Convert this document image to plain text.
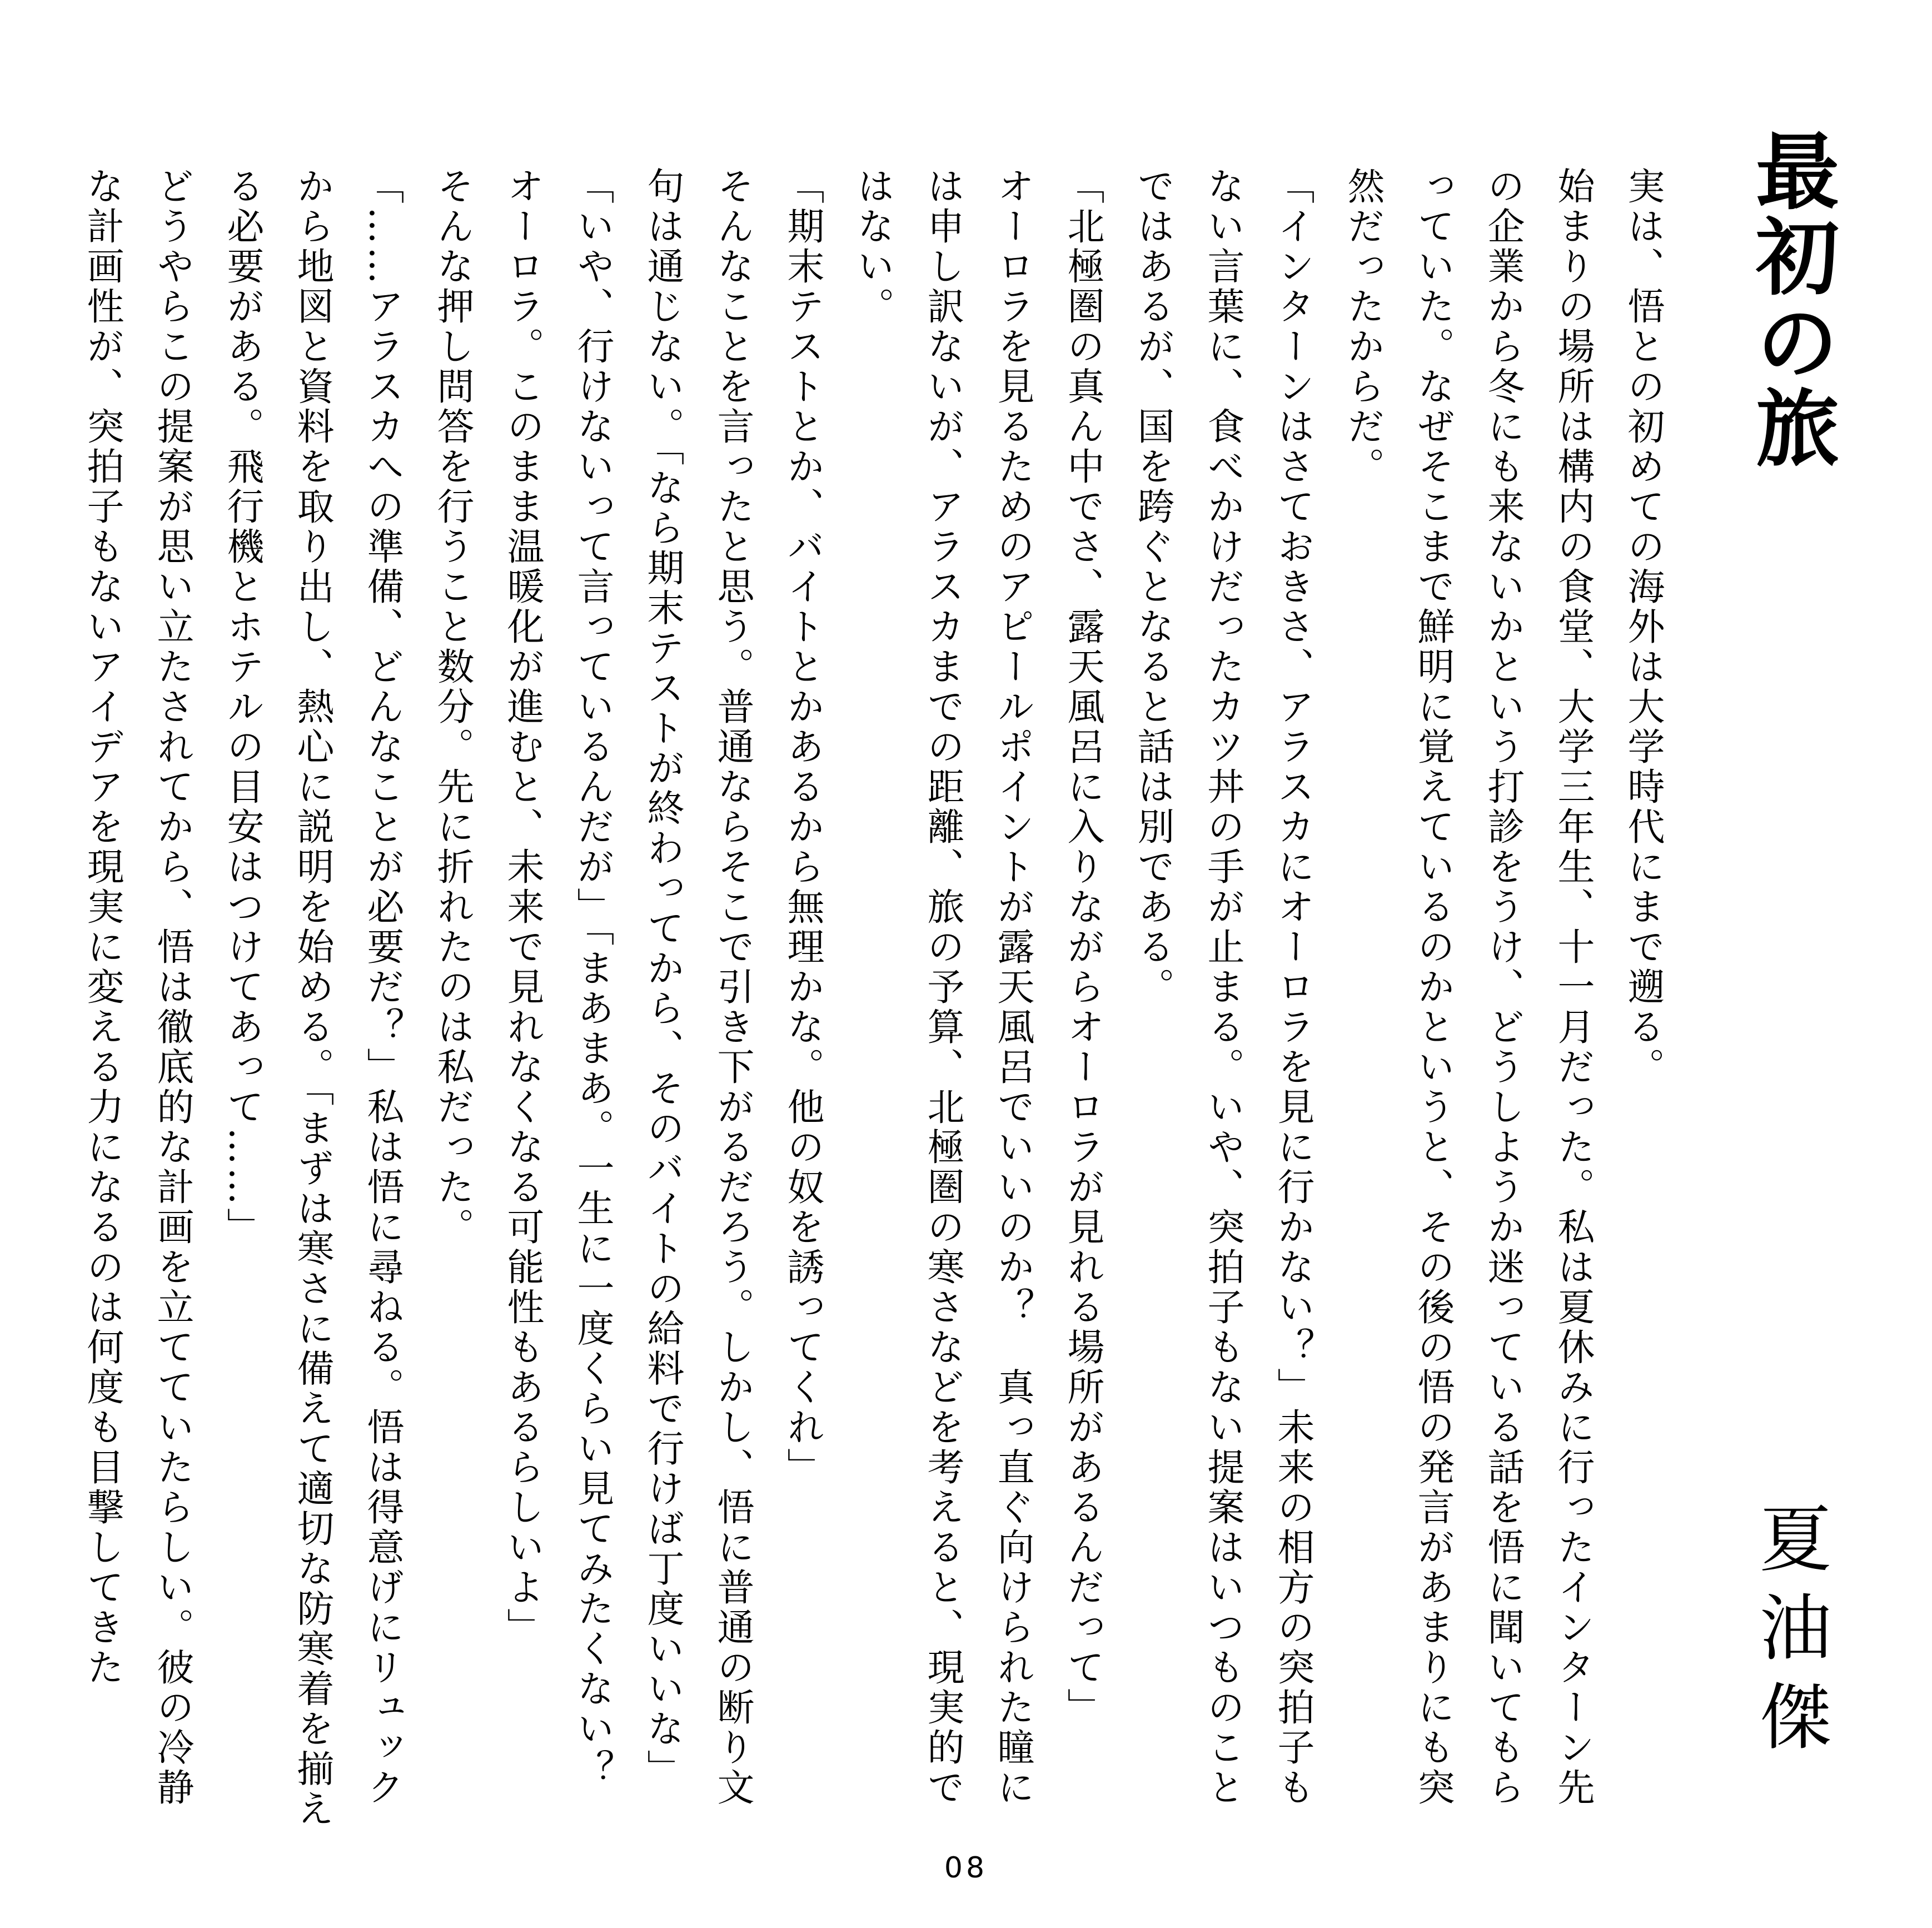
最初の旅
夏油傑

実は、悟との初めての海外は大学時代にまで遡る。

始まりの場所は構内の食堂、大学三年生、十一月だった。私は夏休みに行ったインターン先の企業から冬にも来ないかという打診をうけ、どうしようか迷っている話を悟に聞いてもらっていた。なぜそこまで鮮明に覚えているのかというと、その後の悟の発言があまりにも突然だったからだ。

「インターンはさておきさ、アラスカにオーロラを見に行かない？」未来の相方の突拍子もない言葉に、食べかけだったカツ丼の手が止まる。いや、突拍子もない提案はいつものことではあるが、国を跨ぐとなると話は別である。

「北極圏の真ん中でさ、露天風呂に入りながらオーロラが見れる場所があるんだって」

オーロラを見るためのアピールポイントが露天風呂でいいのか？　真っ直ぐ向けられた瞳には申し訳ないが、アラスカまでの距離、旅の予算、北極圏の寒さなどを考えると、現実的ではない。

「期末テストとか、バイトとかあるから無理かな。他の奴を誘ってくれ」

そんなことを言ったと思う。普通ならそこで引き下がるだろう。しかし、悟に普通の断り文句は通じない。「なら期末テストが終わってから、そのバイトの給料で行けば丁度いいな」「いや、行けないって言っているんだが」「まあまあ。一生に一度くらい見てみたくない？　オーロラ。このまま温暖化が進むと、未来で見れなくなる可能性もあるらしいよ」

そんな押し問答を行うこと数分。先に折れたのは私だった。

「……アラスカへの準備、どんなことが必要だ？」私は悟に尋ねる。悟は得意げにリュックから地図と資料を取り出し、熱心に説明を始める。「まずは寒さに備えて適切な防寒着を揃える必要がある。飛行機とホテルの目安はつけてあって……」

どうやらこの提案が思い立たされてから、悟は徹底的な計画を立てていたらしい。彼の冷静な計画性が、突拍子もないアイデアを現実に変える力になるのは何度も目撃してきた

08
